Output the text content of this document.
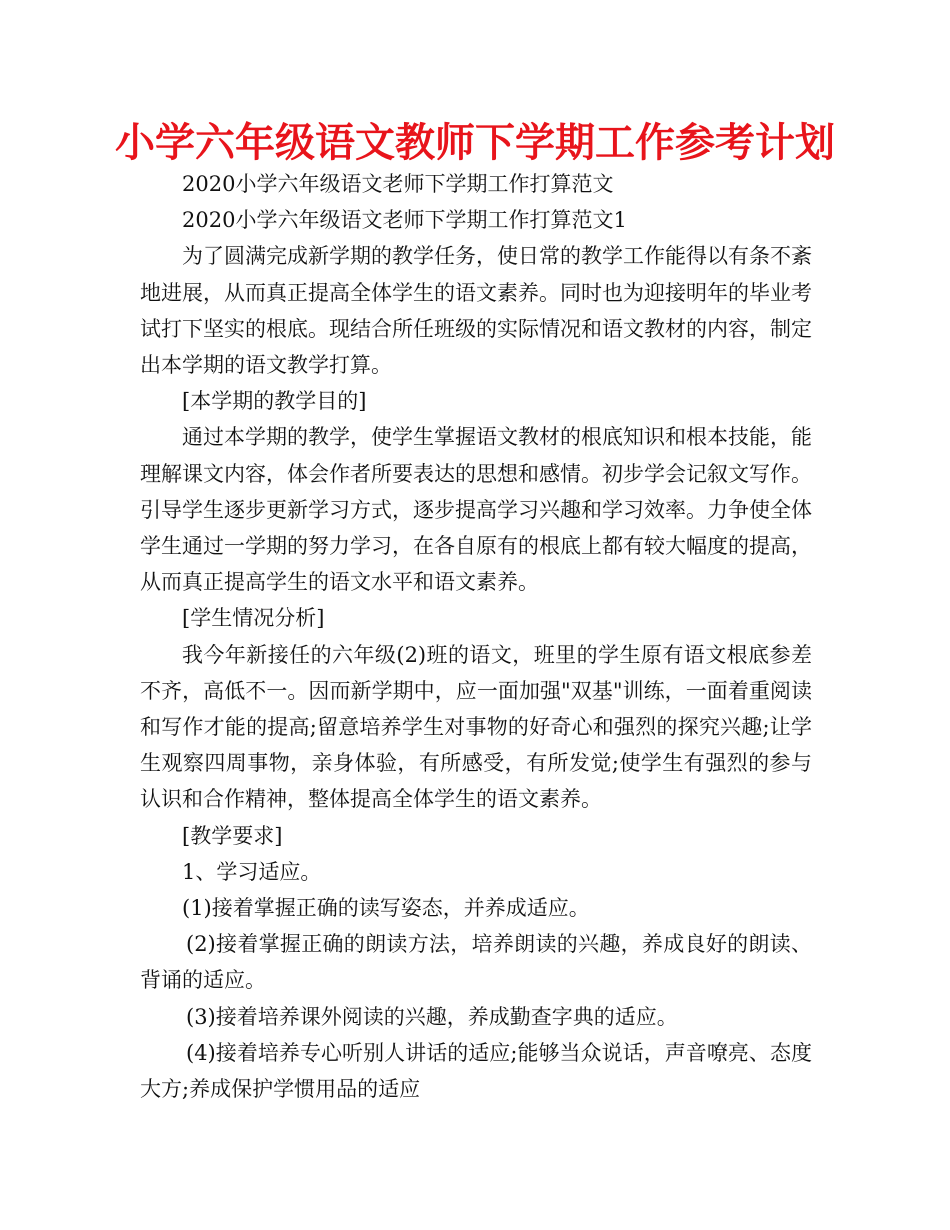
小学六年级语文教师下学期工作参考计划

2020小学六年级语文老师下学期工作打算范文

2020小学六年级语文老师下学期工作打算范文1

为了圆满完成新学期的教学任务，使日常的教学工作能得以有条不紊地进展，从而真正提高全体学生的语文素养。同时也为迎接明年的毕业考试打下坚实的根底。现结合所任班级的实际情况和语文教材的内容，制定出本学期的语文教学打算。

[本学期的教学目的]

通过本学期的教学，使学生掌握语文教材的根底知识和根本技能，能理解课文内容，体会作者所要表达的思想和感情。初步学会记叙文写作。引导学生逐步更新学习方式，逐步提高学习兴趣和学习效率。力争使全体学生通过一学期的努力学习，在各自原有的根底上都有较大幅度的提高，从而真正提高学生的语文水平和语文素养。

[学生情况分析]

我今年新接任的六年级(2)班的语文，班里的学生原有语文根底参差不齐，高低不一。因而新学期中，应一面加强"双基"训练，一面着重阅读和写作才能的提高;留意培养学生对事物的好奇心和强烈的探究兴趣;让学生观察四周事物，亲身体验，有所感受，有所发觉;使学生有强烈的参与认识和合作精神，整体提高全体学生的语文素养。

[教学要求]

1、学习适应。

(1)接着掌握正确的读写姿态，并养成适应。

(2)接着掌握正确的朗读方法，培养朗读的兴趣，养成良好的朗读、背诵的适应。

(3)接着培养课外阅读的兴趣，养成勤查字典的适应。

(4)接着培养专心听别人讲话的适应;能够当众说话，声音嘹亮、态度大方;养成保护学惯用品的适应
